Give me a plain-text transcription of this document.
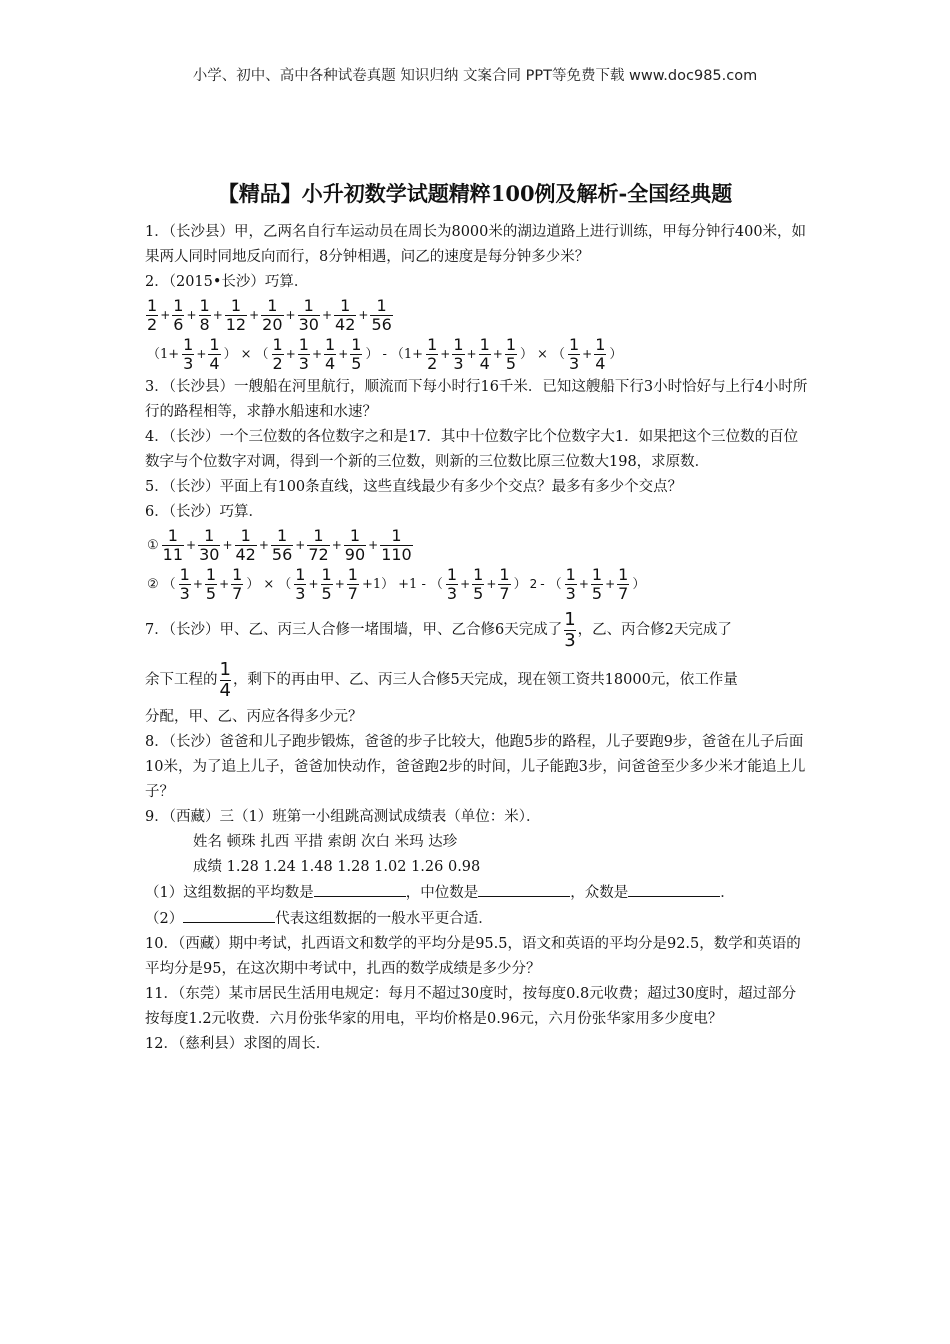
小学、初中、高中各种试卷真题 知识归纳 文案合同 PPT等免费下载 www.doc985.com
【精品】小升初数学试题精粹100例及解析-全国经典题

1．（长沙县）甲，乙两名自行车运动员在周长为8000米的湖边道路上进行训练，甲每分钟行400米，如果两人同时同地反向而行，8分钟相遇，问乙的速度是每分钟多少米？

2．（2015•长沙）巧算．

$\frac{1}{2} + \frac{1}{6} + \frac{1}{8} + \frac{1}{12} + \frac{1}{20} + \frac{1}{30} + \frac{1}{42} + \frac{1}{56}$
（$1+ \frac{1}{3} + \frac{1}{4}$ ） × （ $\frac{1}{2} + \frac{1}{3} + \frac{1}{4} + \frac{1}{5}$ ） - （$1+ \frac{1}{2} + \frac{1}{3} + \frac{1}{4} + \frac{1}{5}$ ） × （ $\frac{1}{3} + \frac{1}{4}$ ）

3．（长沙县）一艘船在河里航行，顺流而下每小时行16千米．已知这艘船下行3小时恰好与上行4小时所行的路程相等，求静水船速和水速？

4．（长沙）一个三位数的各位数字之和是17．其中十位数字比个位数字大1．如果把这个三位数的百位数字与个位数字对调，得到一个新的三位数，则新的三位数比原三位数大198，求原数．

5．（长沙）平面上有100条直线，这些直线最少有多少个交点？最多有多少个交点？

6．（长沙）巧算．

① $\frac{1}{11} + \frac{1}{30} + \frac{1}{42} + \frac{1}{56} + \frac{1}{72} + \frac{1}{90} + \frac{1}{110}$
② （ $\frac{1}{3} + \frac{1}{5} + \frac{1}{7}$ ） × （ $\frac{1}{3} + \frac{1}{5} + \frac{1}{7} +1) +1$ - （ $\frac{1}{3} + \frac{1}{5} + \frac{1}{7}$ ） 2 - （ $\frac{1}{3} + \frac{1}{5} + \frac{1}{7}$ ）

7．（长沙）甲、乙、丙三人合修一堵围墙，甲、乙合修6天完成了 $\frac{1}{3}$ ，乙、丙合修2天完成了

余下工程的 $\frac{1}{4}$ ，剩下的再由甲、乙、丙三人合修5天完成，现在领工资共18000元，依工作量

分配，甲、乙、丙应各得多少元？

8．（长沙）爸爸和儿子跑步锻炼，爸爸的步子比较大，他跑5步的路程，儿子要跑9步，爸爸在儿子后面10米，为了追上儿子，爸爸加快动作，爸爸跑2步的时间，儿子能跑3步，问爸爸至少多少米才能追上儿子？

9．（西藏）三（1）班第一小组跳高测试成绩表（单位：米）．

姓名 顿珠 扎西 平措 索朗 次白 米玛 达珍

成绩 1.28 1.24 1.48 1.28 1.02 1.26 0.98

（1）这组数据的平均数是	，中位数是	，众数是	．

（2）	代表这组数据的一般水平更合适．

10．（西藏）期中考试，扎西语文和数学的平均分是95.5，语文和英语的平均分是92.5，数学和英语的平均分是95，在这次期中考试中，扎西的数学成绩是多少分？

11．（东莞）某市居民生活用电规定：每月不超过30度时，按每度0.8元收费；超过30度时，超过部分按每度1.2元收费．六月份张华家的用电，平均价格是0.96元，六月份张华家用多少度电？

12．（慈利县）求图的周长．
